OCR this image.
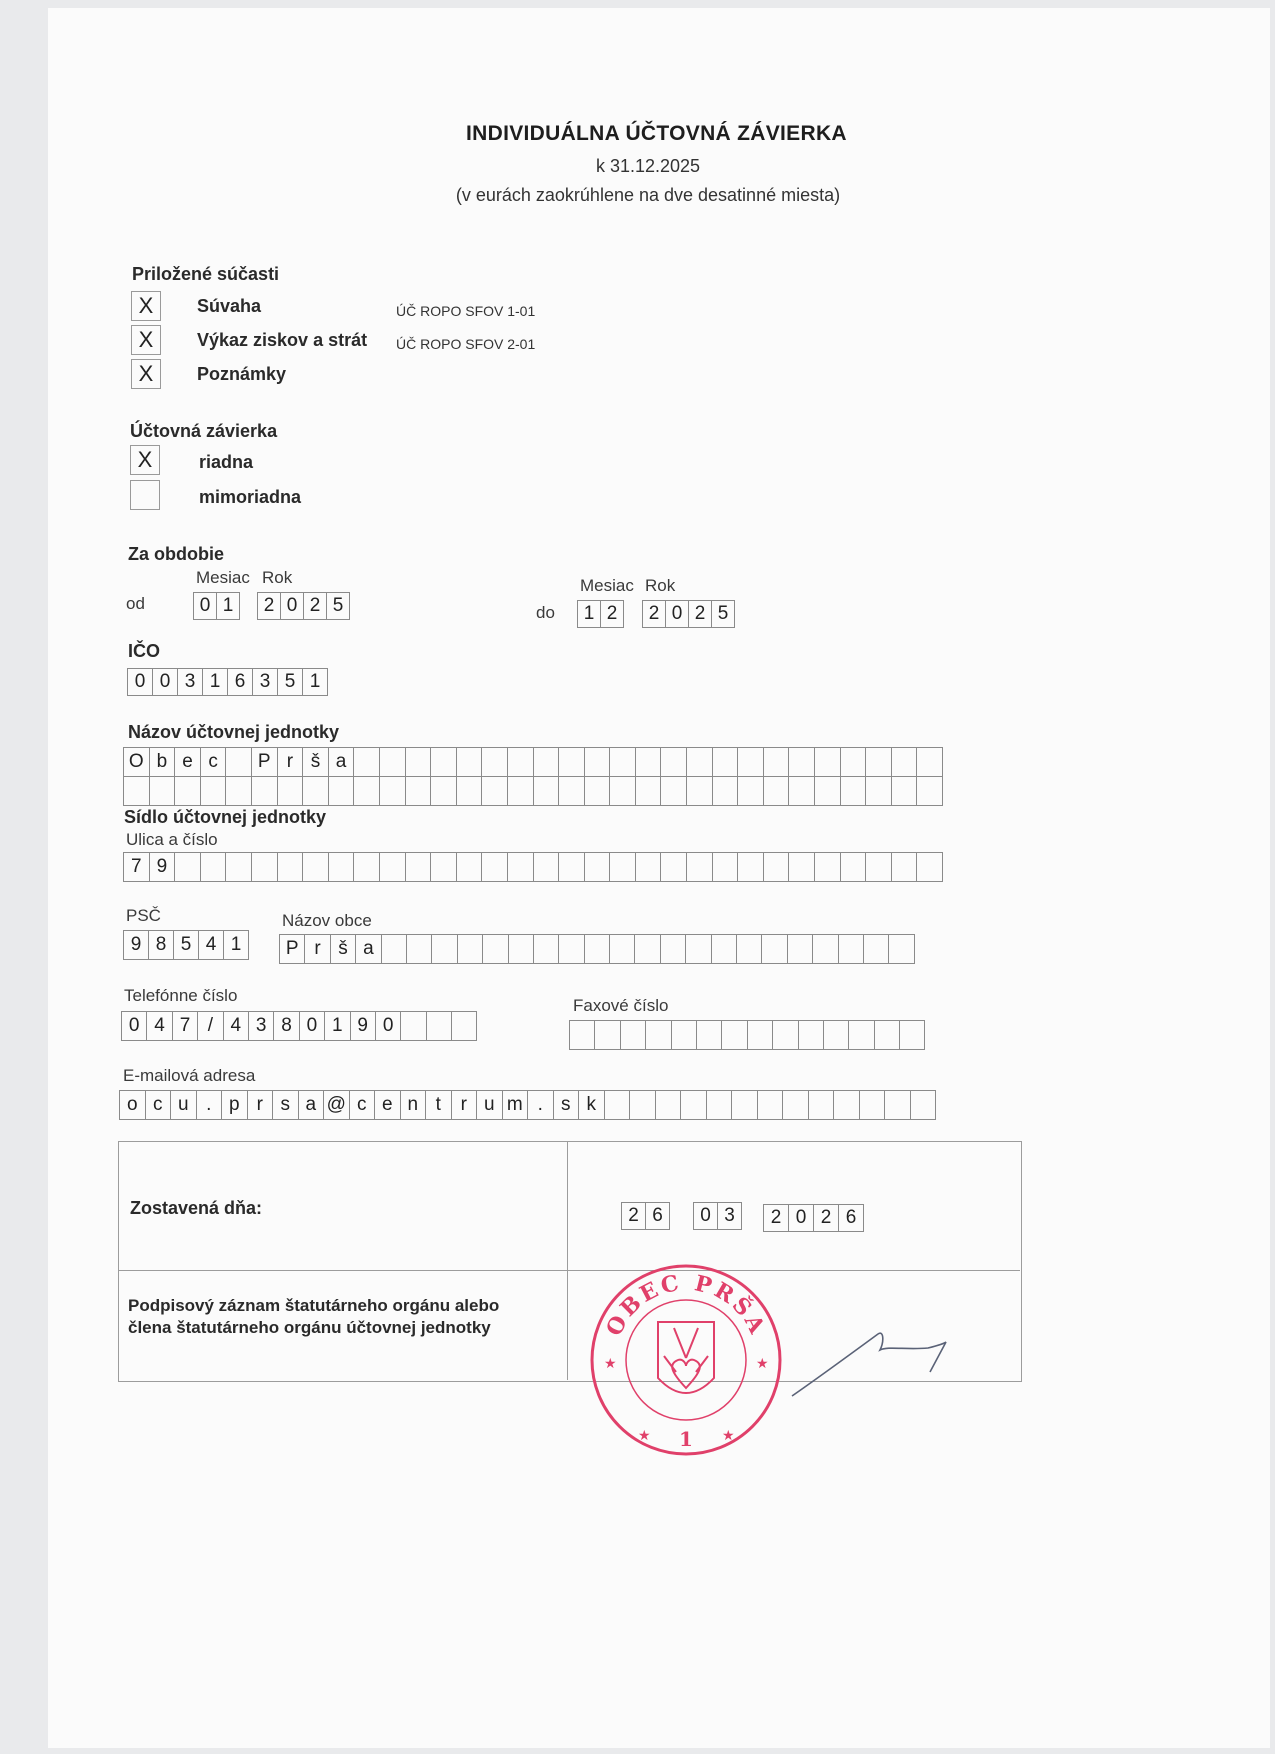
INDIVIDUÁLNA ÚČTOVNÁ ZÁVIERKA
k 31.12.2025
(v eurách zaokrúhlene na dve desatinné miesta)
Priložené súčasti
X	Súvaha	ÚČ ROPO SFOV 1-01
X	Výkaz ziskov a strát ÚČ ROPO SFOV 2-01
X	Poznámky
Účtovná závierka
X	riadna
mimoriadna
Za obdobie
Mesiac Rok
od	0 1	2 0 2 5
Mesiac Rok
do	1 2	2 0 2 5
IČO
0 0 3 1 6 3 5 1
Názov účtovnej jednotky
O b e c	P r š a
Sídlo účtovnej jednotky
Ulica a číslo
7 9
PSČ
9 8 5 4 1
Názov obce
P r š a
Telefónne číslo
0 4 7 / 4 3 8 0 1 9 0
Faxové číslo
E-mailová adresa
o c u . p r s a @ c e n t	r u m . s k
Zostavená dňa:	2 6	0 3	2 0 2 6
Podpisový záznam štatutárneho orgánu alebo
člena štatutárneho orgánu účtovnej jednotky	OBEC PRŠA
1
★	★
★	★
